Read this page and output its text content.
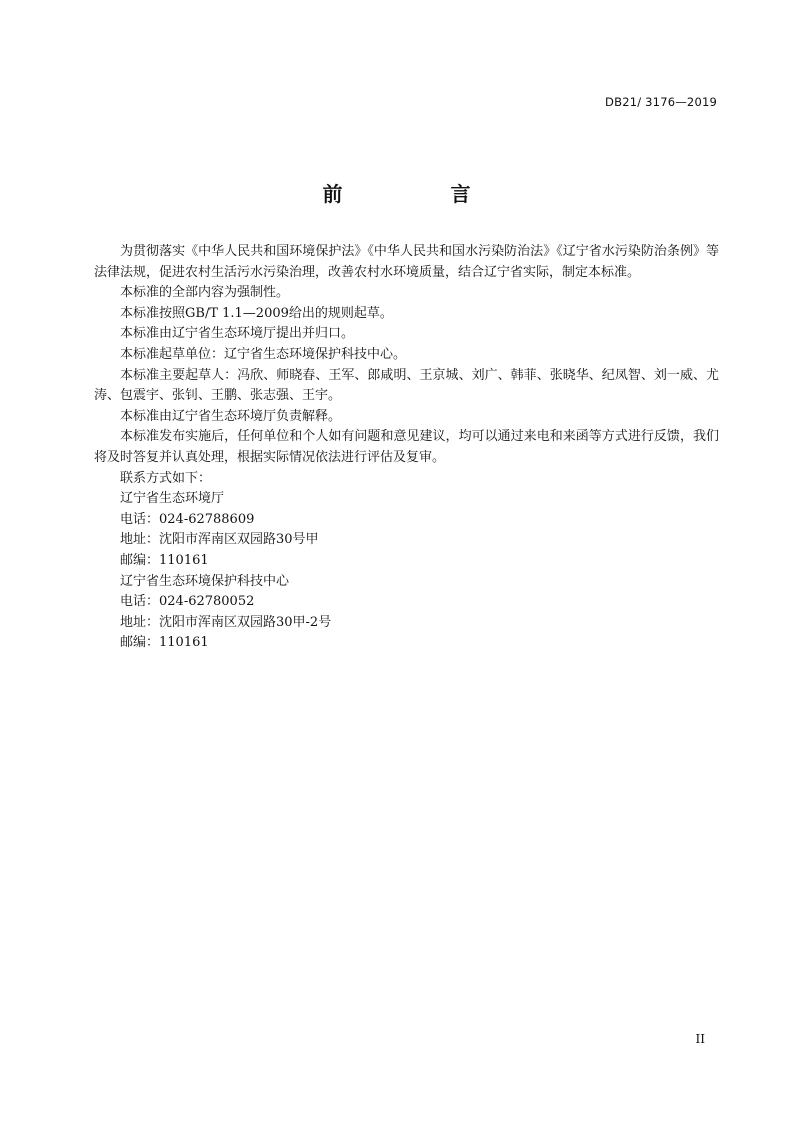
DB21/ 3176—2019
前　言

为贯彻落实《中华人民共和国环境保护法》《中华人民共和国水污染防治法》《辽宁省水污染防治条例》等法律法规，促进农村生活污水污染治理，改善农村水环境质量，结合辽宁省实际，制定本标准。

本标准的全部内容为强制性。

本标准按照GB/T 1.1—2009给出的规则起草。

本标准由辽宁省生态环境厅提出并归口。

本标准起草单位：辽宁省生态环境保护科技中心。

本标准主要起草人：冯欣、师晓春、王军、郎咸明、王京城、刘广、韩菲、张晓华、纪凤智、刘一威、尤涛、包震宇、张钊、王鹏、张志强、王宇。

本标准由辽宁省生态环境厅负责解释。

本标准发布实施后，任何单位和个人如有问题和意见建议，均可以通过来电和来函等方式进行反馈，我们将及时答复并认真处理，根据实际情况依法进行评估及复审。

联系方式如下：

辽宁省生态环境厅

电话：024-62788609

地址：沈阳市浑南区双园路30号甲

邮编：110161

辽宁省生态环境保护科技中心

电话：024-62780052

地址：沈阳市浑南区双园路30甲-2号

邮编：110161

II
